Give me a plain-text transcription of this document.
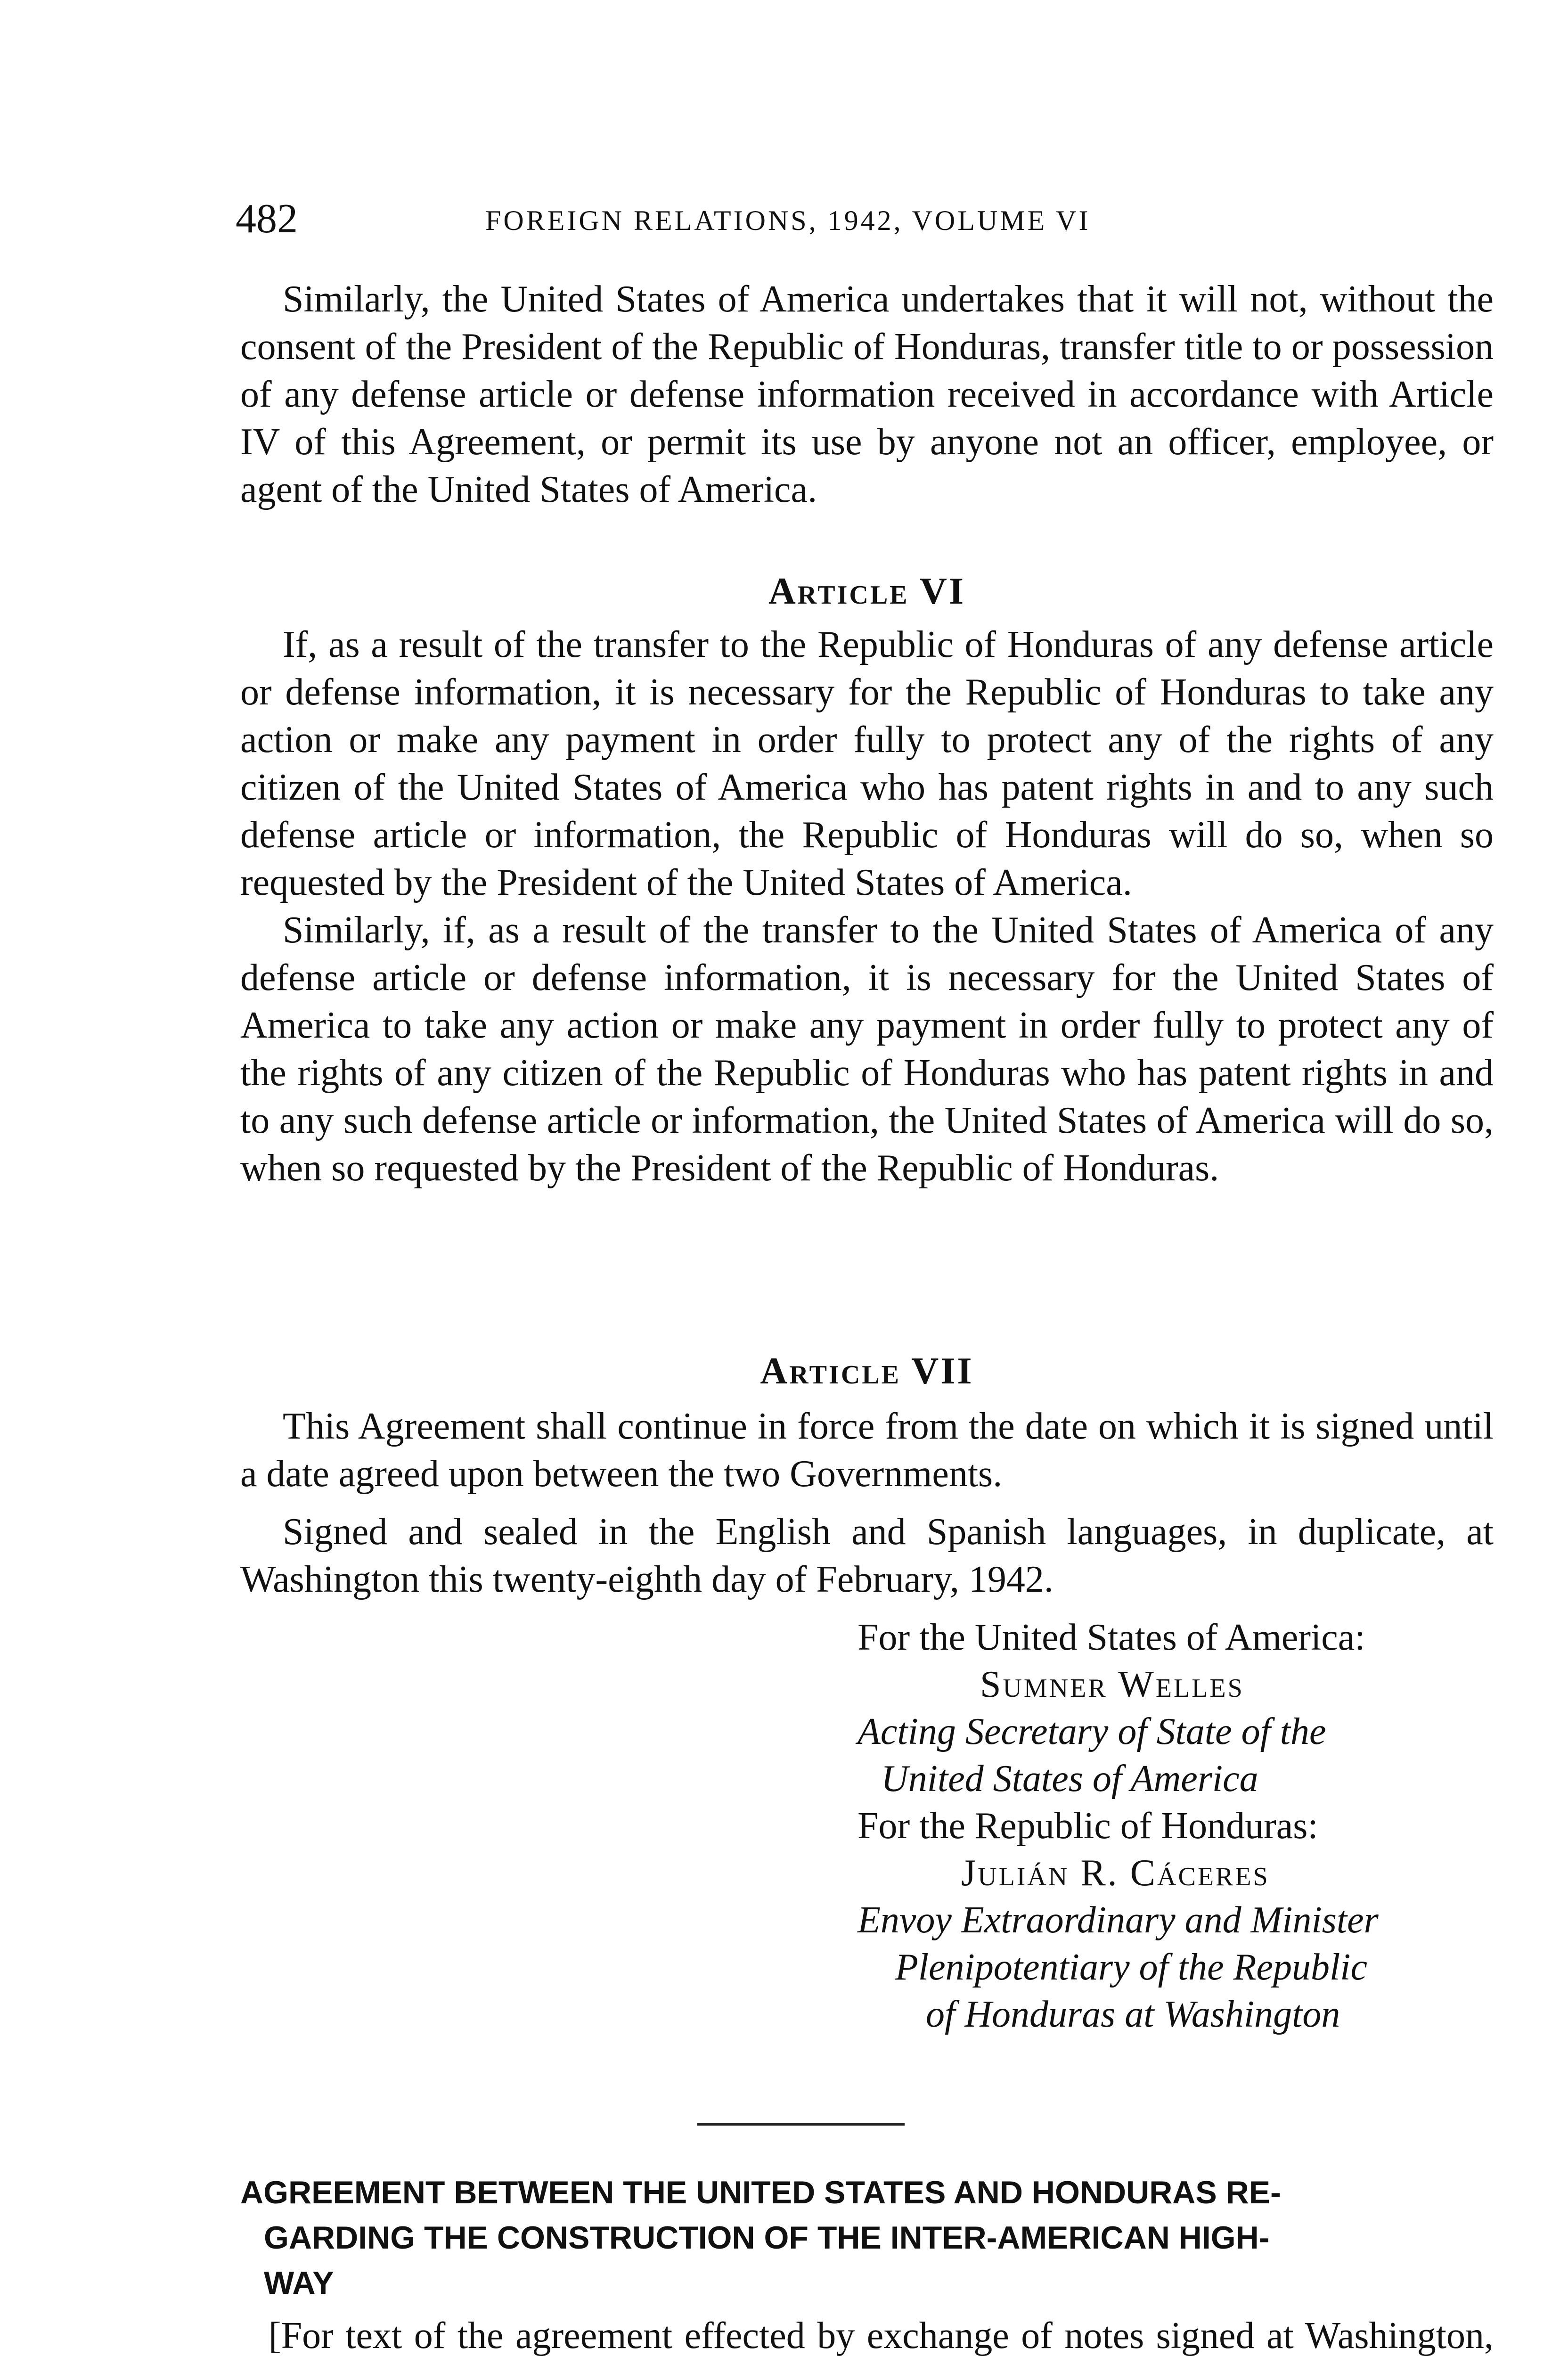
482	FOREIGN RELATIONS, 1942, VOLUME VI

Similarly, the United States of America undertakes that it will not, without the consent of the President of the Republic of Honduras, transfer title to or possession of any defense article or defense information received in accordance with Article IV of this Agreement, or permit its use by anyone not an officer, employee, or agent of the United States of America.

Article VI

If, as a result of the transfer to the Republic of Honduras of any defense article or defense information, it is necessary for the Republic of Honduras to take any action or make any payment in order fully to protect any of the rights of any citizen of the United States of America who has patent rights in and to any such defense article or information, the Republic of Honduras will do so, when so requested by the President of the United States of America.

Similarly, if, as a result of the transfer to the United States of America of any defense article or defense information, it is necessary for the United States of America to take any action or make any payment in order fully to protect any of the rights of any citizen of the Republic of Honduras who has patent rights in and to any such defense article or information, the United States of America will do so, when so requested by the President of the Republic of Honduras.

Article VII

This Agreement shall continue in force from the date on which it is signed until a date agreed upon between the two Governments.

Signed and sealed in the English and Spanish languages, in duplicate, at Washington this twenty-eighth day of February, 1942.

For the United States of America:
Sumner Welles
Acting Secretary of State of the
United States of America
For the Republic of Honduras:
Julián R. Cáceres
Envoy Extraordinary and Minister
Plenipotentiary of the Republic
of Honduras at Washington
AGREEMENT BETWEEN THE UNITED STATES AND HONDURAS RE-
GARDING THE CONSTRUCTION OF THE INTER-AMERICAN HIGH-
WAY

[For text of the agreement effected by exchange of notes signed at Washington,
